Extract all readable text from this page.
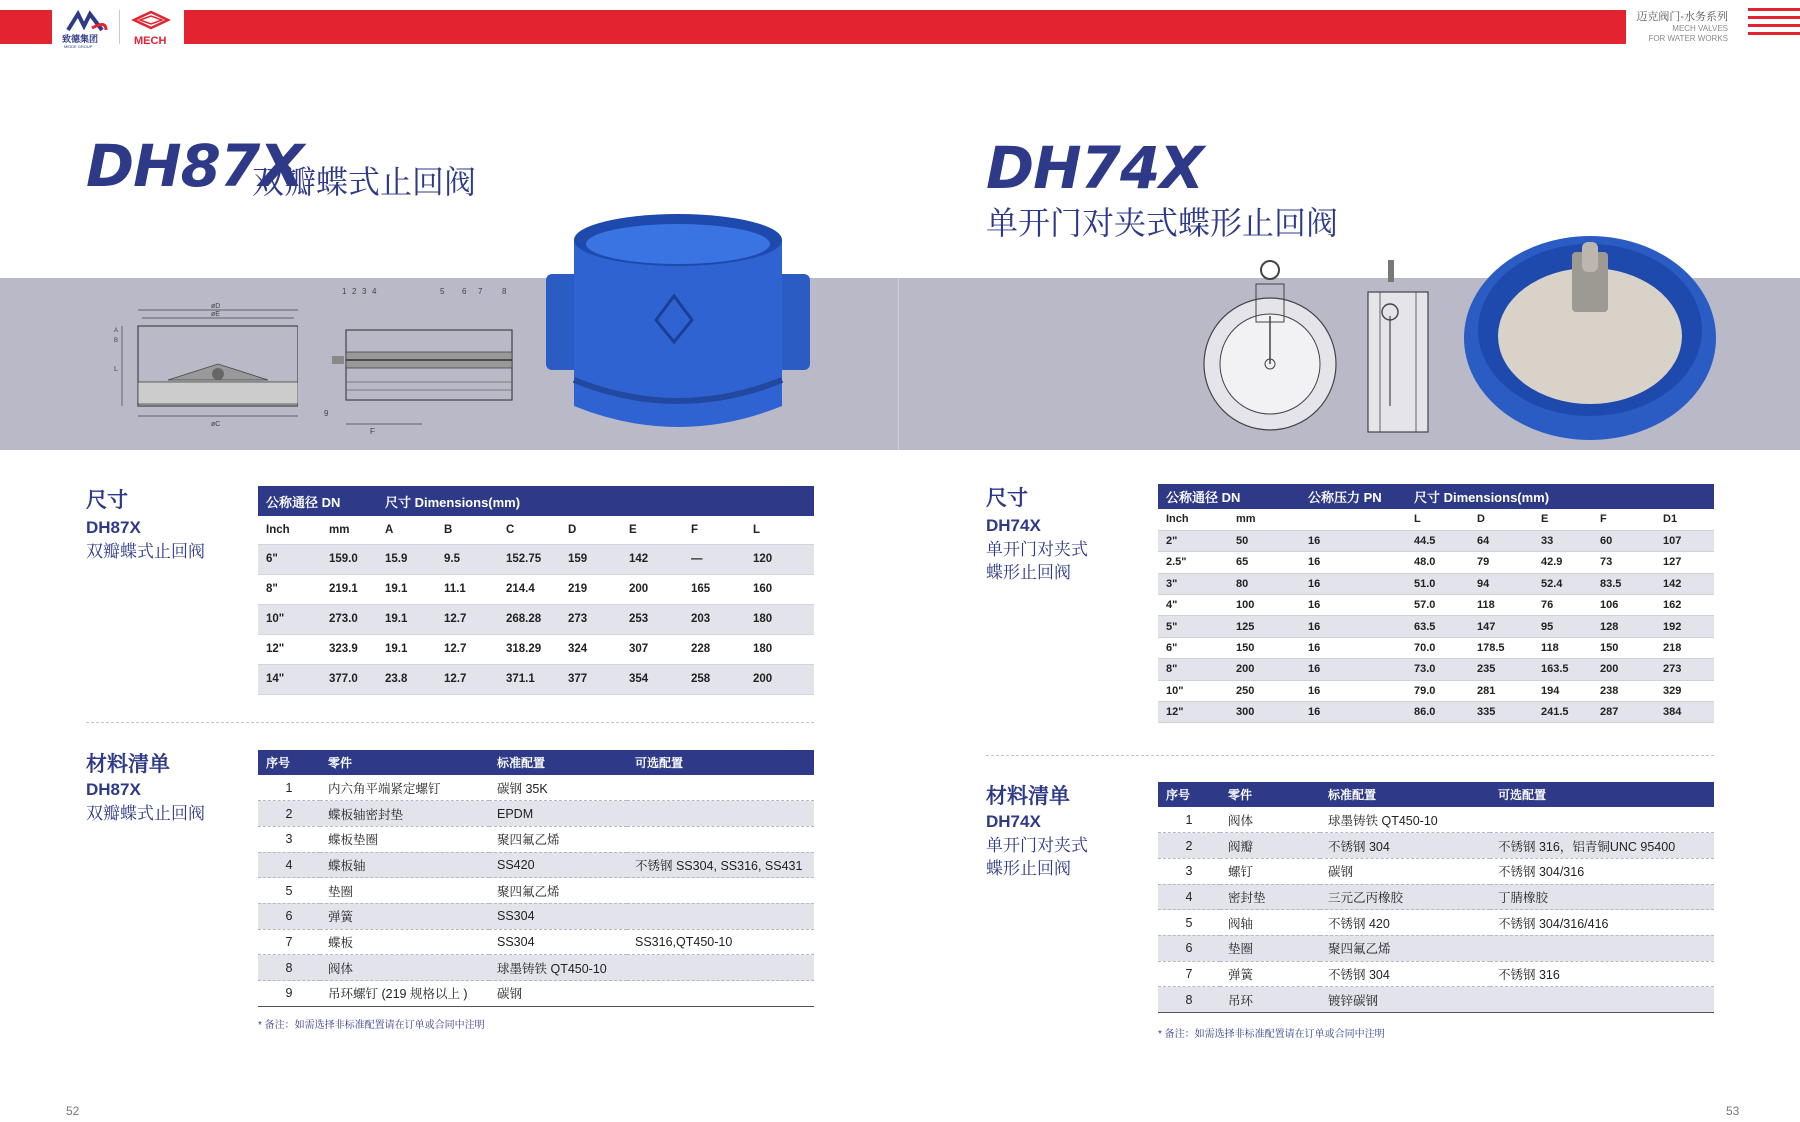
致德集团
MEIDE GROUP	MECH
迈克阀门-水务系列
MECH VALVES
FOR WATER WORKS
DH87X
双瓣蝶式止回阀	DH74X
单开门对夹式蝶形止回阀
øD
øE
øC
L
A
B
1 2 3 4	5 6 7 8
9
F
尺寸
DH87X
双瓣蝶式止回阀
公称通径 DN		尺寸 Dimensions(mm)						
Inch	mm	A	B	C	D	E	F	L
6"	159.0	15.9	9.5	152.75	159	142	—	120
8"	219.1	19.1	11.1	214.4	219	200	165	160
10"	273.0	19.1	12.7	268.28	273	253	203	180
12"	323.9	19.1	12.7	318.29	324	307	228	180
14"	377.0	23.8	12.7	371.1	377	354	258	200
材料清单
DH87X
双瓣蝶式止回阀
序号	零件	标准配置	可选配置
1	内六角平端紧定螺钉	碳钢 35K	
2	蝶板轴密封垫	EPDM	
3	蝶板垫圈	聚四氟乙烯	
4	蝶板轴	SS420	不锈钢 SS304, SS316, SS431
5	垫圈	聚四氟乙烯	
6	弹簧	SS304	
7	蝶板	SS304	SS316,QT450-10
8	阀体	球墨铸铁 QT450-10	
9	吊环螺钉 (219 规格以上 )	碳钢	
* 备注：如需选择非标准配置请在订单或合同中注明
52
尺寸
DH74X
单开门对夹式
蝶形止回阀
公称通径 DN		公称压力 PN	尺寸 Dimensions(mm)				
Inch	mm		L	D	E	F	D1
2"	50	16	44.5	64	33	60	107
2.5"	65	16	48.0	79	42.9	73	127
3"	80	16	51.0	94	52.4	83.5	142
4"	100	16	57.0	118	76	106	162
5"	125	16	63.5	147	95	128	192
6"	150	16	70.0	178.5	118	150	218
8"	200	16	73.0	235	163.5	200	273
10"	250	16	79.0	281	194	238	329
12"	300	16	86.0	335	241.5	287	384
材料清单
DH74X
单开门对夹式
蝶形止回阀
序号	零件	标准配置	可选配置
1	阀体	球墨铸铁 QT450-10	
2	阀瓣	不锈钢 304	不锈钢 316，铝青铜UNC 95400
3	螺钉	碳钢	不锈钢 304/316
4	密封垫	三元乙丙橡胶	丁腈橡胶
5	阀轴	不锈钢 420	不锈钢 304/316/416
6	垫圈	聚四氟乙烯	
7	弹簧	不锈钢 304	不锈钢 316
8	吊环	镀锌碳钢	
* 备注：如需选择非标准配置请在订单或合同中注明
53
